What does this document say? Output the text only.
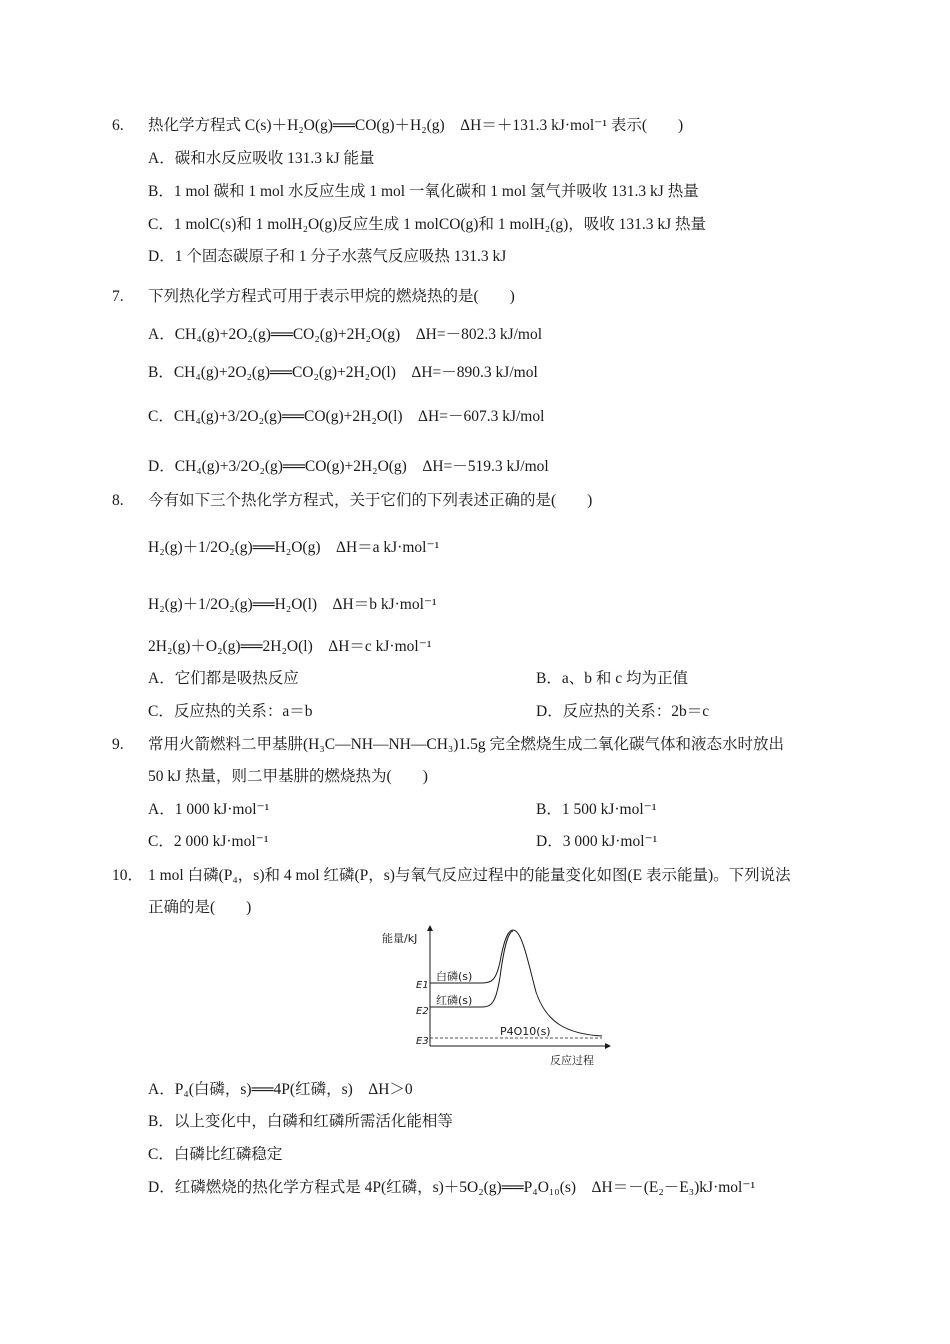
6. 热化学方程式 C(s)＋H₂O(g)══CO(g)＋H₂(g)　ΔH＝＋131.3 kJ·mol⁻¹ 表示(　　)
A．碳和水反应吸收 131.3 kJ 能量
B．1 mol 碳和 1 mol 水反应生成 1 mol 一氧化碳和 1 mol 氢气并吸收 131.3 kJ 热量
C．1 molC(s)和 1 molH₂O(g)反应生成 1 molCO(g)和 1 molH₂(g)，吸收 131.3 kJ 热量
D．1 个固态碳原子和 1 分子水蒸气反应吸热 131.3 kJ
7. 下列热化学方程式可用于表示甲烷的燃烧热的是(　　)
A．CH₄(g)+2O₂(g)══CO₂(g)+2H₂O(g)　ΔH=－802.3 kJ/mol
B．CH₄(g)+2O₂(g)══CO₂(g)+2H₂O(l)　ΔH=－890.3 kJ/mol
C．CH₄(g)+3/2O₂(g)══CO(g)+2H₂O(l)　ΔH=－607.3 kJ/mol
D．CH₄(g)+3/2O₂(g)══CO(g)+2H₂O(g)　ΔH=－519.3 kJ/mol
8. 今有如下三个热化学方程式，关于它们的下列表述正确的是(　　)
H₂(g)＋1/2O₂(g)══H₂O(g)　ΔH＝a kJ·mol⁻¹
H₂(g)＋1/2O₂(g)══H₂O(l)　ΔH＝b kJ·mol⁻¹
2H₂(g)＋O₂(g)══2H₂O(l)　ΔH＝c kJ·mol⁻¹
A．它们都是吸热反应	B．a、b 和 c 均为正值
C．反应热的关系：a＝b	D．反应热的关系：2b＝c
9. 常用火箭燃料二甲基肼(H₃C—NH—NH—CH₃)1.5g 完全燃烧生成二氧化碳气体和液态水时放出
50 kJ 热量，则二甲基肼的燃烧热为(　　)
A．1 000 kJ·mol⁻¹	B．1 500 kJ·mol⁻¹
C．2 000 kJ·mol⁻¹	D．3 000 kJ·mol⁻¹
10． 1 mol 白磷(P₄，s)和 4 mol 红磷(P，s)与氧气反应过程中的能量变化如图(E 表示能量)。下列说法
正确的是(　　)
能量/kJ
反应过程
E1
E2
E3
白磷(s)
红磷(s)
P4O10(s)
A．P₄(白磷，s)══4P(红磷，s)　ΔH＞0
B．以上变化中，白磷和红磷所需活化能相等
C．白磷比红磷稳定
D．红磷燃烧的热化学方程式是 4P(红磷，s)＋5O₂(g)══P₄O₁₀(s)　ΔH＝－(E₂－E₃)kJ·mol⁻¹
